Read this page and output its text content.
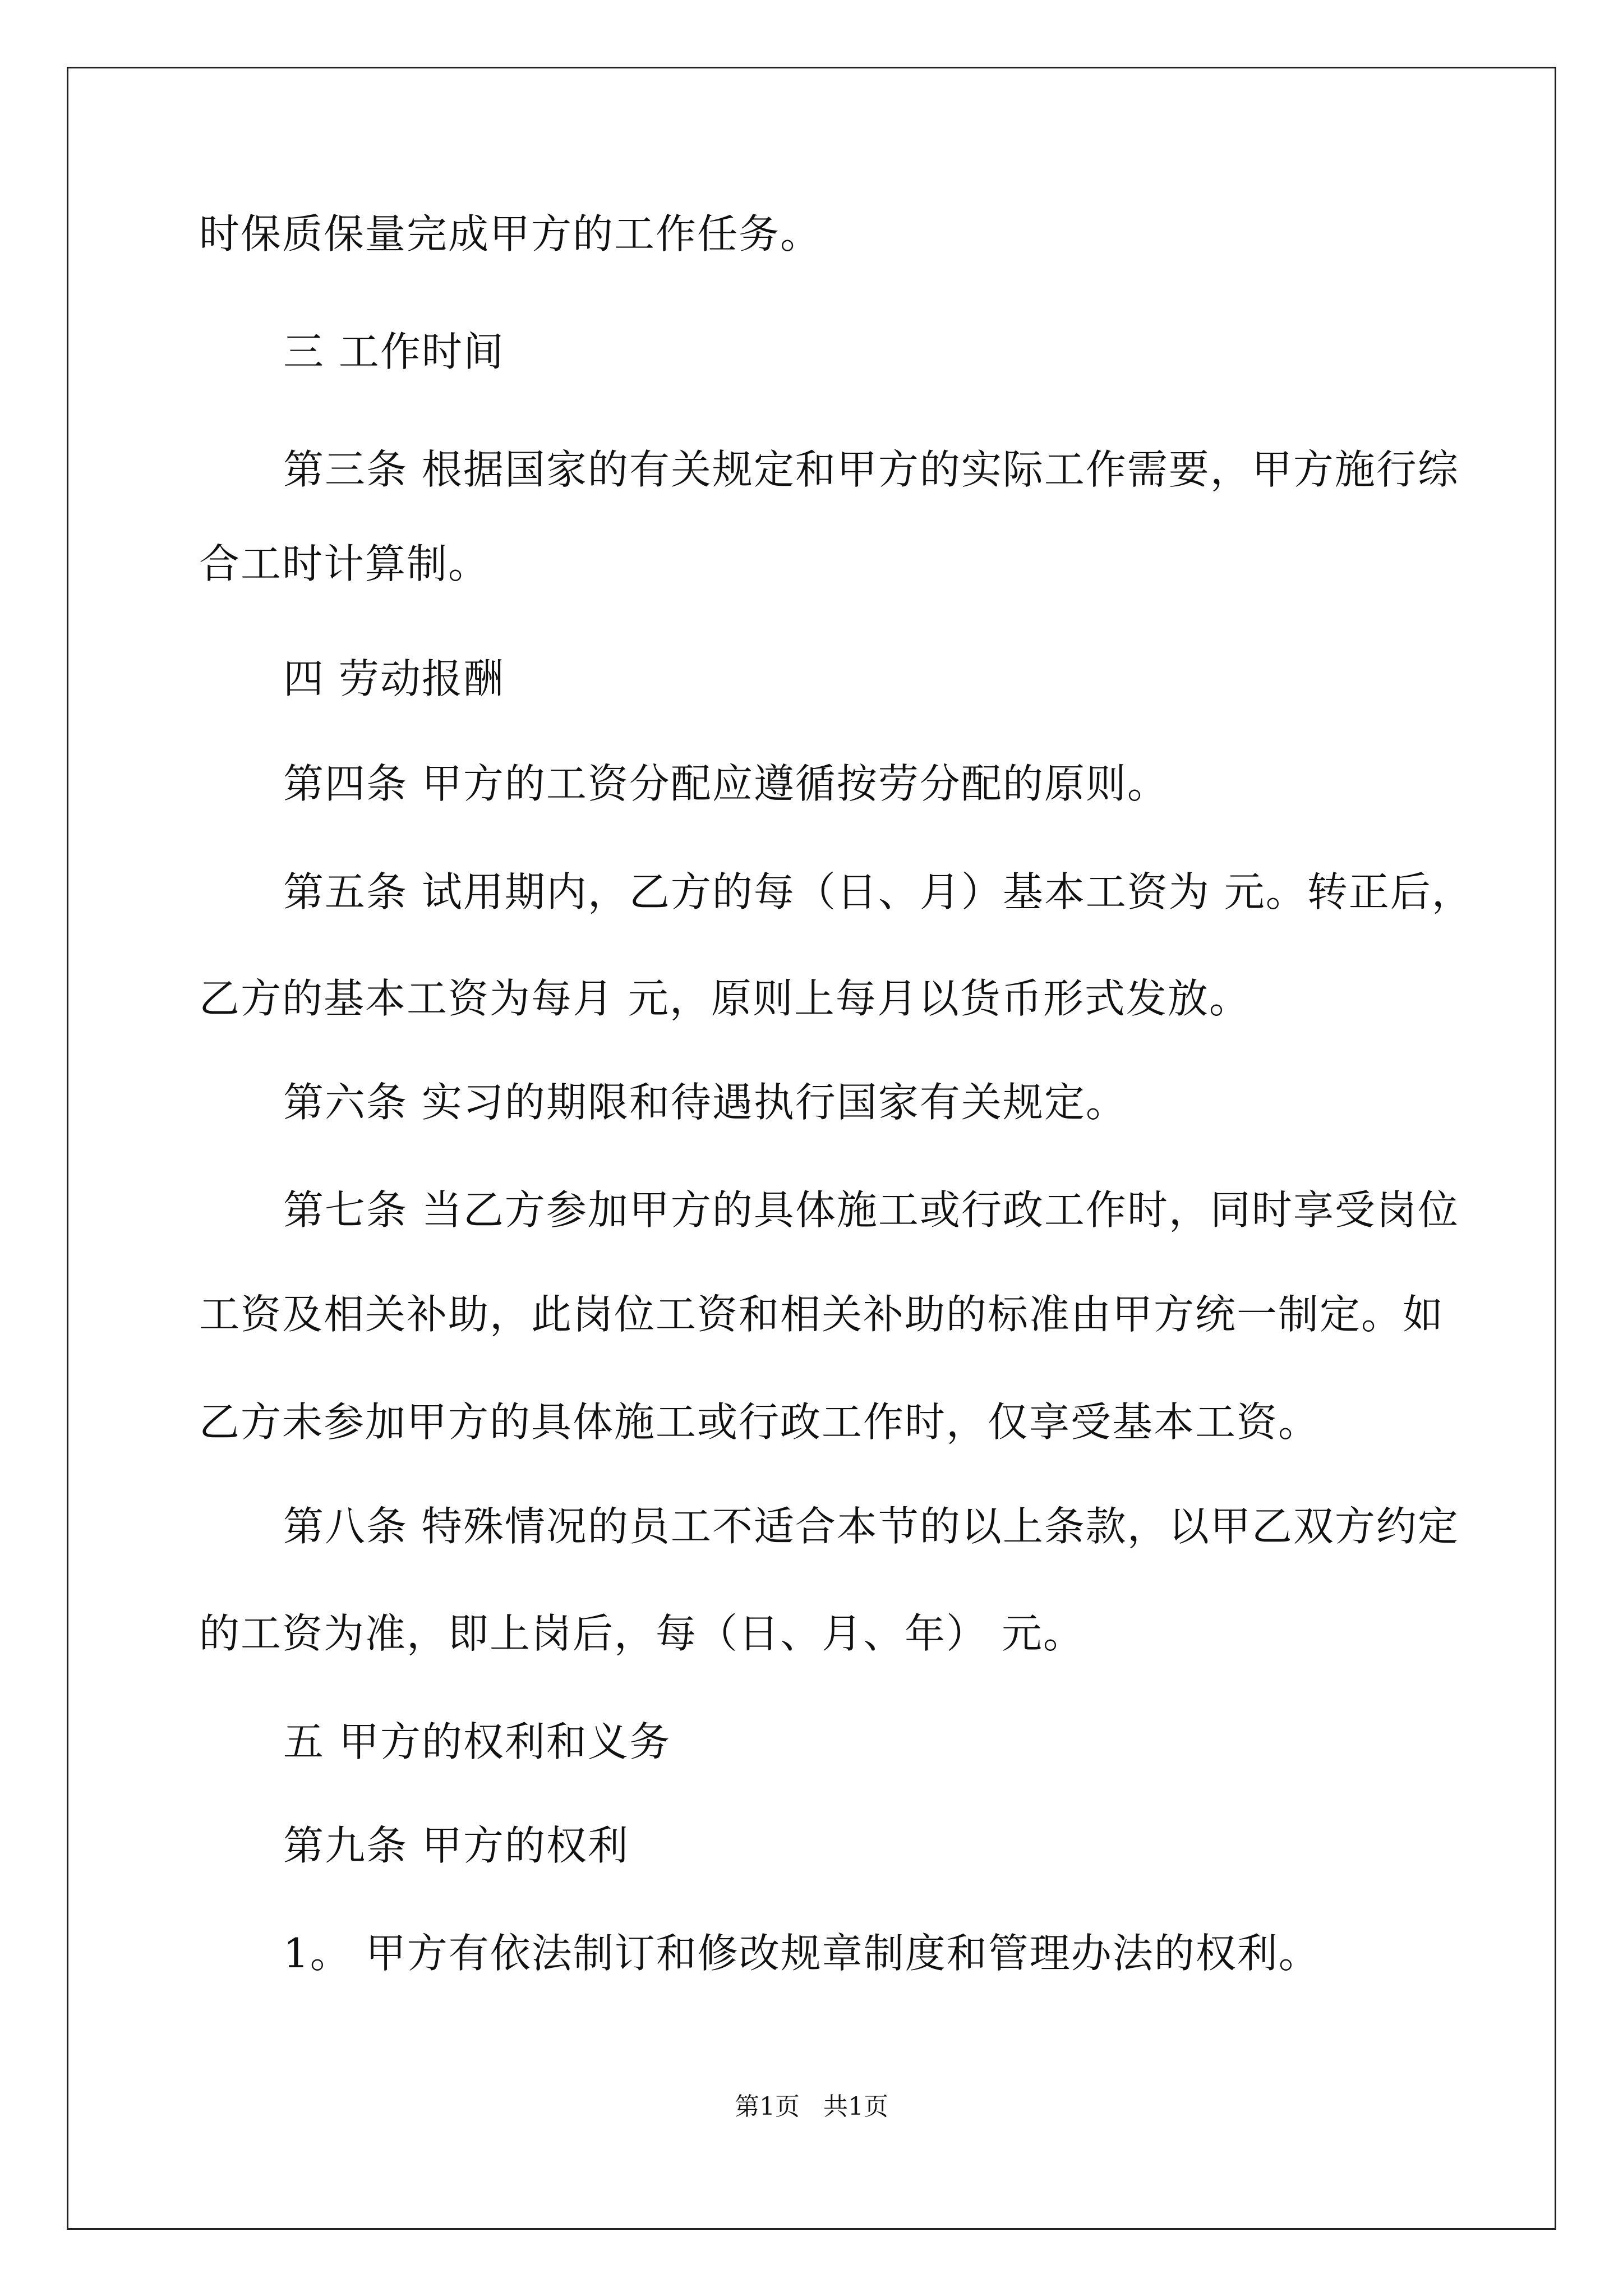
时保质保量完成甲方的工作任务。
三 工作时间
第三条 根据国家的有关规定和甲方的实际工作需要，甲方施行综
合工时计算制。
四 劳动报酬
第四条 甲方的工资分配应遵循按劳分配的原则。
第五条 试用期内，乙方的每（日、月）基本工资为 元。转正后，
乙方的基本工资为每月 元，原则上每月以货币形式发放。
第六条 实习的期限和待遇执行国家有关规定。
第七条 当乙方参加甲方的具体施工或行政工作时，同时享受岗位
工资及相关补助，此岗位工资和相关补助的标准由甲方统一制定。如
乙方未参加甲方的具体施工或行政工作时，仅享受基本工资。
第八条 特殊情况的员工不适合本节的以上条款，以甲乙双方约定
的工资为准，即上岗后，每（日、月、年） 元。
五 甲方的权利和义务
第九条 甲方的权利
1。 甲方有依法制订和修改规章制度和管理办法的权利。
第1页   共1页
